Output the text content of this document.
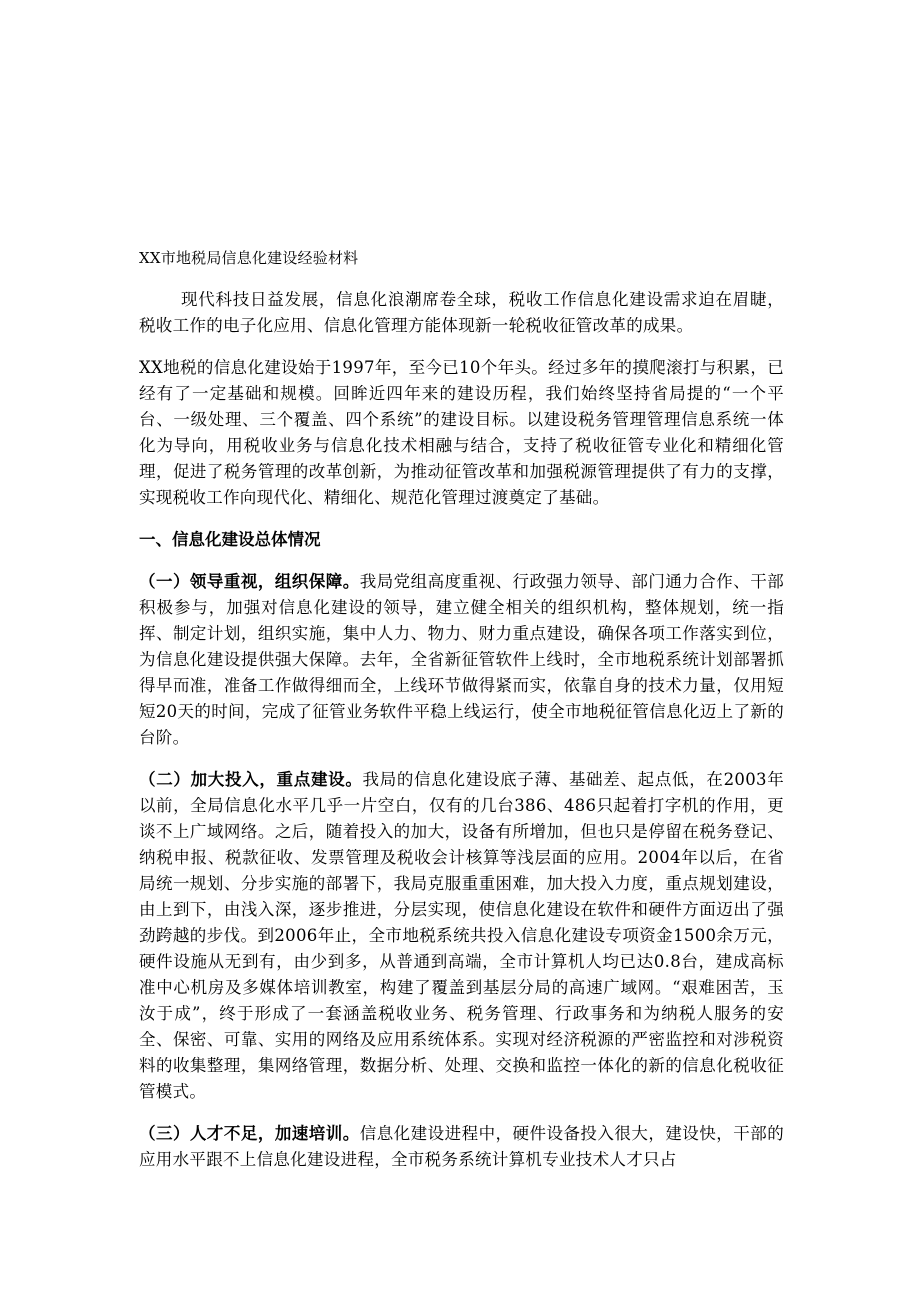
XX市地税局信息化建设经验材料

现代科技日益发展，信息化浪潮席卷全球，税收工作信息化建设需求迫在眉睫，税收工作的电子化应用、信息化管理方能体现新一轮税收征管改革的成果。

XX地税的信息化建设始于1997年，至今已10个年头。经过多年的摸爬滚打与积累，已经有了一定基础和规模。回眸近四年来的建设历程，我们始终坚持省局提的“一个平台、一级处理、三个覆盖、四个系统”的建设目标。以建设税务管理管理信息系统一体化为导向，用税收业务与信息化技术相融与结合，支持了税收征管专业化和精细化管理，促进了税务管理的改革创新，为推动征管改革和加强税源管理提供了有力的支撑，实现税收工作向现代化、精细化、规范化管理过渡奠定了基础。

一、信息化建设总体情况

（一）领导重视，组织保障。我局党组高度重视、行政强力领导、部门通力合作、干部积极参与，加强对信息化建设的领导，建立健全相关的组织机构，整体规划，统一指挥、制定计划，组织实施，集中人力、物力、财力重点建设，确保各项工作落实到位，为信息化建设提供强大保障。去年，全省新征管软件上线时，全市地税系统计划部署抓得早而准，准备工作做得细而全，上线环节做得紧而实，依靠自身的技术力量，仅用短短20天的时间，完成了征管业务软件平稳上线运行，使全市地税征管信息化迈上了新的台阶。

（二）加大投入，重点建设。我局的信息化建设底子薄、基础差、起点低，在2003年以前，全局信息化水平几乎一片空白，仅有的几台386、486只起着打字机的作用，更谈不上广域网络。之后，随着投入的加大，设备有所增加，但也只是停留在税务登记、纳税申报、税款征收、发票管理及税收会计核算等浅层面的应用。2004年以后，在省局统一规划、分步实施的部署下，我局克服重重困难，加大投入力度，重点规划建设，由上到下，由浅入深，逐步推进，分层实现，使信息化建设在软件和硬件方面迈出了强劲跨越的步伐。到2006年止，全市地税系统共投入信息化建设专项资金1500余万元，硬件设施从无到有，由少到多，从普通到高端，全市计算机人均已达0.8台，建成高标准中心机房及多媒体培训教室，构建了覆盖到基层分局的高速广域网。“艰难困苦，玉汝于成”，终于形成了一套涵盖税收业务、税务管理、行政事务和为纳税人服务的安全、保密、可靠、实用的网络及应用系统体系。实现对经济税源的严密监控和对涉税资料的收集整理，集网络管理，数据分析、处理、交换和监控一体化的新的信息化税收征管模式。

（三）人才不足，加速培训。信息化建设进程中，硬件设备投入很大，建设快，干部的应用水平跟不上信息化建设进程，全市税务系统计算机专业技术人才只占
